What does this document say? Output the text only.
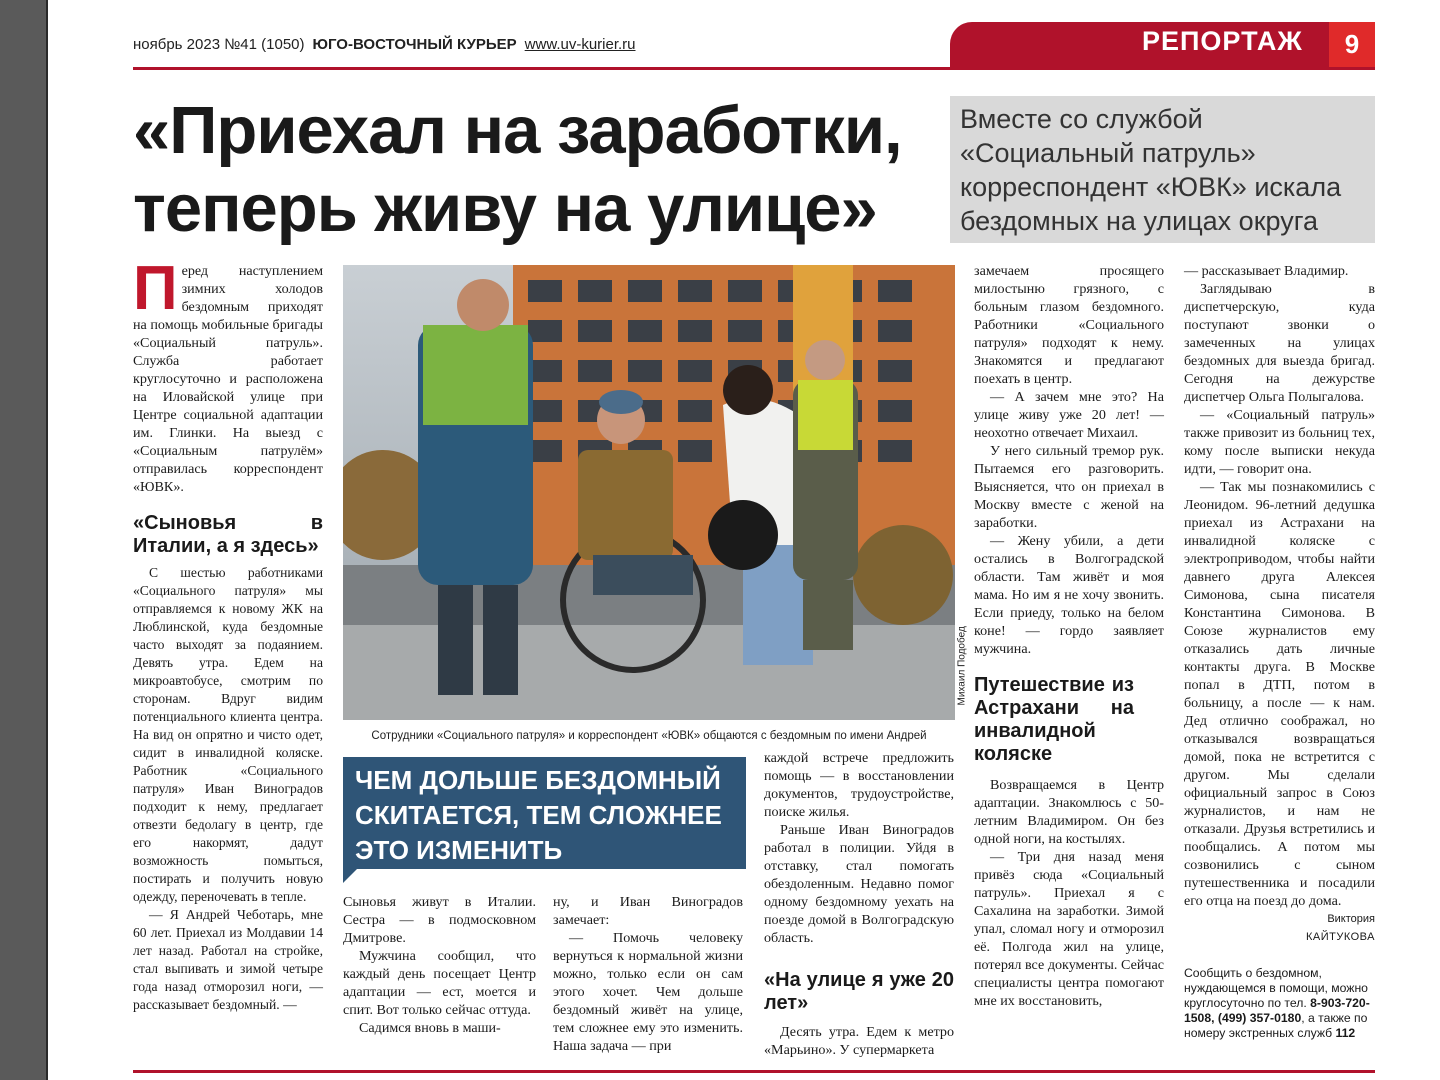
ноябрь 2023 №41 (1050) ЮГО-ВОСТОЧНЫЙ КУРЬЕР www.uv-kurier.ru	РЕПОРТАЖ	9
«Приехал на заработки,
теперь живу на улице»

Вместе со службой «Социальный патруль» корреспондент «ЮВК» искала бездомных на улицах округа

Перед наступлением зимних холодов бездомным приходят на помощь мобильные бригады «Социальный патруль». Служба работает круглосуточно и расположена на Иловайской улице при Центре социальной адаптации им. Глинки. На выезд с «Социальным патрулём» отправилась корреспондент «ЮВК».

«Сыновья в Италии, а я здесь»

С шестью работниками «Социального патруля» мы отправляемся к новому ЖК на Люблинской, куда бездомные часто выходят за подаянием. Девять утра. Едем на микроавтобусе, смотрим по сторонам. Вдруг видим потенциального клиента центра. На вид он опрятно и чисто одет, сидит в инвалидной коляске. Работник «Социального патруля» Иван Виноградов подходит к нему, предлагает отвезти бедолагу в центр, где его накормят, дадут возможность помыться, постирать и получить новую одежду, переночевать в тепле.

— Я Андрей Чеботарь, мне 60 лет. Приехал из Молдавии 14 лет назад. Работал на стройке, стал выпивать и зимой четыре года назад отморозил ноги, — рассказывает бездомный. —

Михаил Подобед
Сотрудники «Социального патруля» и корреспондент «ЮВК» общаются с бездомным по имени Андрей

ЧЕМ ДОЛЬШЕ БЕЗДОМНЫЙ СКИТАЕТСЯ, ТЕМ СЛОЖНЕЕ ЭТО ИЗМЕНИТЬ

Сыновья живут в Италии. Сестра — в подмосковном Дмитрове.

Мужчина сообщил, что каждый день посещает Центр адаптации — ест, моется и спит. Вот только сейчас оттуда.

Садимся вновь в маши-

ну, и Иван Виноградов замечает:

— Помочь человеку вернуться к нормальной жизни можно, только если он сам этого хочет. Чем дольше бездомный живёт на улице, тем сложнее ему это изменить. Наша задача — при

каждой встрече предложить помощь — в восстановлении документов, трудоустройстве, поиске жилья.

Раньше Иван Виноградов работал в полиции. Уйдя в отставку, стал помогать обездоленным. Недавно помог одному бездомному уехать на поезде домой в Волгоградскую область.

«На улице я уже 20 лет»

Десять утра. Едем к метро «Марьино». У супермаркета

замечаем просящего милостыню грязного, с больным глазом бездомного. Работники «Социального патруля» подходят к нему. Знакомятся и предлагают поехать в центр.

— А зачем мне это? На улице живу уже 20 лет! — неохотно отвечает Михаил.

У него сильный тремор рук. Пытаемся его разговорить. Выясняется, что он приехал в Москву вместе с женой на заработки.

— Жену убили, а дети остались в Волгоградской области. Там живёт и моя мама. Но им я не хочу звонить. Если приеду, только на белом коне! — гордо заявляет мужчина.

Путешествие из Астрахани на инвалидной коляске

Возвращаемся в Центр адаптации. Знакомлюсь с 50-летним Владимиром. Он без одной ноги, на костылях.

— Три дня назад меня привёз сюда «Социальный патруль». Приехал я с Сахалина на заработки. Зимой упал, сломал ногу и отморозил её. Полгода жил на улице, потерял все документы. Сейчас специалисты центра помогают мне их восстановить,

— рассказывает Владимир.

Заглядываю в диспетчерскую, куда поступают звонки о замеченных на улицах бездомных для выезда бригад. Сегодня на дежурстве диспетчер Ольга Полыгалова.

— «Социальный патруль» также привозит из больниц тех, кому после выписки некуда идти, — говорит она.

— Так мы познакомились с Леонидом. 96-летний дедушка приехал из Астрахани на инвалидной коляске с электроприводом, чтобы найти давнего друга Алексея Симонова, сына писателя Константина Симонова. В Союзе журналистов ему отказались дать личные контакты друга. В Москве попал в ДТП, потом в больницу, а после — к нам. Дед отлично соображал, но отказывался возвращаться домой, пока не встретится с другом. Мы сделали официальный запрос в Союз журналистов, и нам не отказали. Друзья встретились и пообщались. А потом мы созвонились с сыном путешественника и посадили его отца на поезд до дома.

Виктория
КАЙТУКОВА
Сообщить о бездомном, нуждающемся в помощи, можно круглосуточно по тел. 8-903-720-1508, (499) 357-0180, а также по номеру экстренных служб 112
